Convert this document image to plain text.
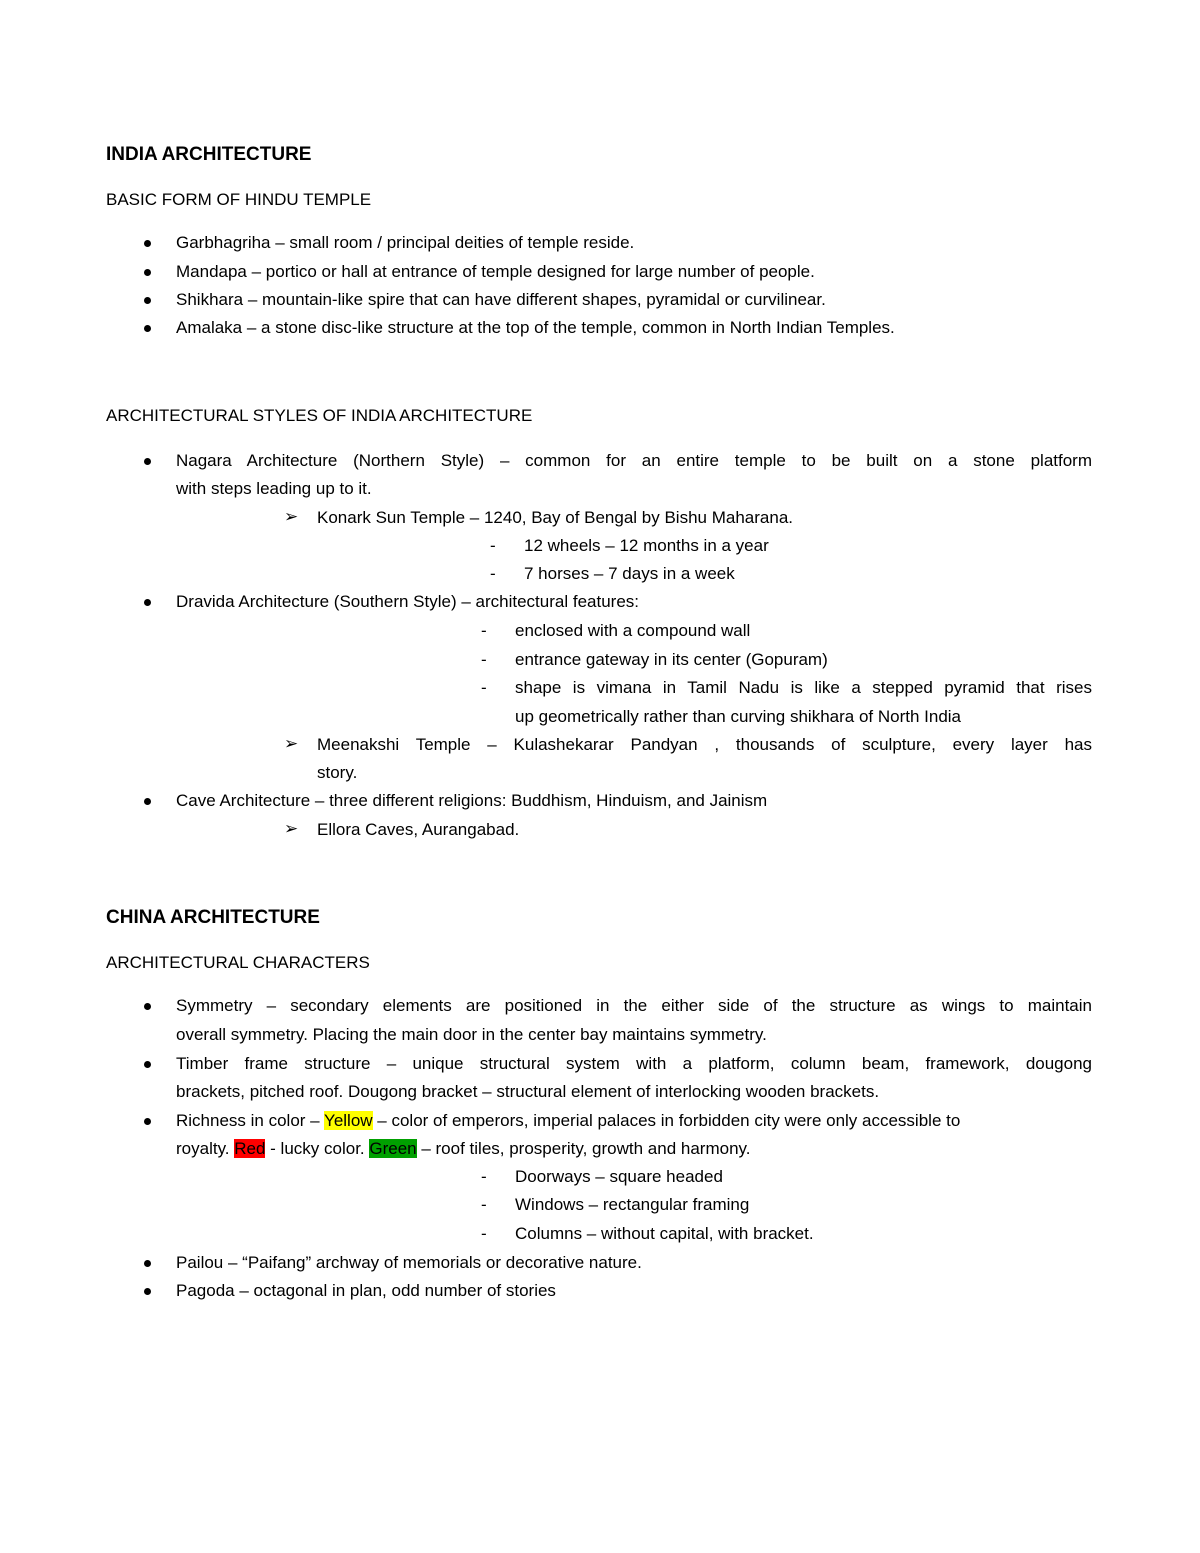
INDIA ARCHITECTURE
BASIC FORM OF HINDU TEMPLE
Garbhagriha – small room / principal deities of temple reside.
Mandapa – portico or hall at entrance of temple designed for large number of people.
Shikhara – mountain-like spire that can have different shapes, pyramidal or curvilinear.
Amalaka – a stone disc-like structure at the top of the temple, common in North Indian Temples.
ARCHITECTURAL STYLES OF INDIA ARCHITECTURE
Nagara Architecture (Northern Style) – common for an entire temple to be built on a stone platform
with steps leading up to it.
➢ Konark Sun Temple – 1240, Bay of Bengal by Bishu Maharana.
- 12 wheels – 12 months in a year
- 7 horses – 7 days in a week
Dravida Architecture (Southern Style) – architectural features:
- enclosed with a compound wall
- entrance gateway in its center (Gopuram)
- shape is vimana in Tamil Nadu is like a stepped pyramid that rises
up geometrically rather than curving shikhara of North India
➢ Meenakshi Temple – Kulashekarar Pandyan , thousands of sculpture, every layer has
story.
Cave Architecture – three different religions: Buddhism, Hinduism, and Jainism
➢ Ellora Caves, Aurangabad.
CHINA ARCHITECTURE
ARCHITECTURAL CHARACTERS
Symmetry – secondary elements are positioned in the either side of the structure as wings to maintain
overall symmetry. Placing the main door in the center bay maintains symmetry.
Timber frame structure – unique structural system with a platform, column beam, framework, dougong
brackets, pitched roof. Dougong bracket – structural element of interlocking wooden brackets.
Richness in color – Yellow – color of emperors, imperial palaces in forbidden city were only accessible to
royalty. Red - lucky color. Green – roof tiles, prosperity, growth and harmony.
- Doorways – square headed
- Windows – rectangular framing
- Columns – without capital, with bracket.
Pailou – “Paifang” archway of memorials or decorative nature.
Pagoda – octagonal in plan, odd number of stories
